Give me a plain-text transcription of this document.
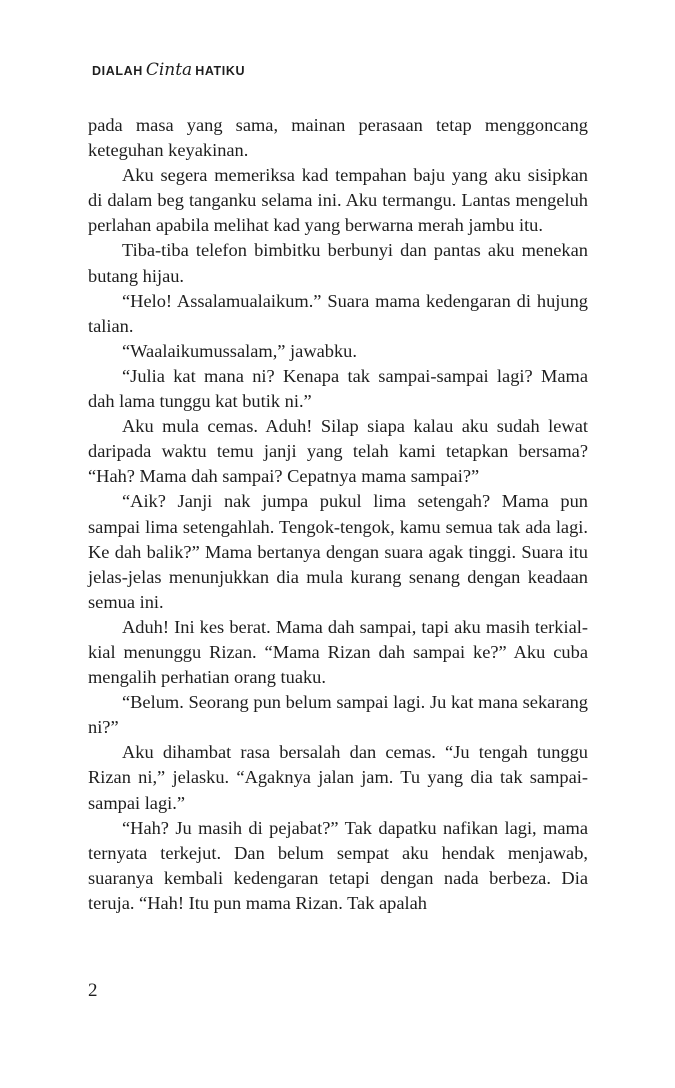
DIALAH Cinta HATIKU

pada masa yang sama, mainan perasaan tetap menggoncang keteguhan keyakinan.

Aku segera memeriksa kad tempahan baju yang aku sisipkan di dalam beg tanganku selama ini. Aku termangu. Lantas mengeluh perlahan apabila melihat kad yang berwarna merah jambu itu.

Tiba-tiba telefon bimbitku berbunyi dan pantas aku menekan butang hijau.

“Helo! Assalamualaikum.” Suara mama kedengaran di hujung talian.

“Waalaikumussalam,” jawabku.

“Julia kat mana ni? Kenapa tak sampai-sampai lagi? Mama dah lama tunggu kat butik ni.”

Aku mula cemas. Aduh! Silap siapa kalau aku sudah lewat daripada waktu temu janji yang telah kami tetapkan bersama? “Hah? Mama dah sampai? Cepatnya mama sampai?”

“Aik? Janji nak jumpa pukul lima setengah? Mama pun sampai lima setengahlah. Tengok-tengok, kamu semua tak ada lagi. Ke dah balik?” Mama bertanya dengan suara agak tinggi. Suara itu jelas-jelas menunjukkan dia mula kurang senang dengan keadaan semua ini.

Aduh! Ini kes berat. Mama dah sampai, tapi aku masih terkial-kial menunggu Rizan. “Mama Rizan dah sampai ke?” Aku cuba mengalih perhatian orang tuaku.

“Belum. Seorang pun belum sampai lagi. Ju kat mana sekarang ni?”

Aku dihambat rasa bersalah dan cemas. “Ju tengah tunggu Rizan ni,” jelasku. “Agaknya jalan jam. Tu yang dia tak sampai-sampai lagi.”

“Hah? Ju masih di pejabat?” Tak dapatku nafikan lagi, mama ternyata terkejut. Dan belum sempat aku hendak menjawab, suaranya kembali kedengaran tetapi dengan nada berbeza. Dia teruja. “Hah! Itu pun mama Rizan. Tak apalah

2
